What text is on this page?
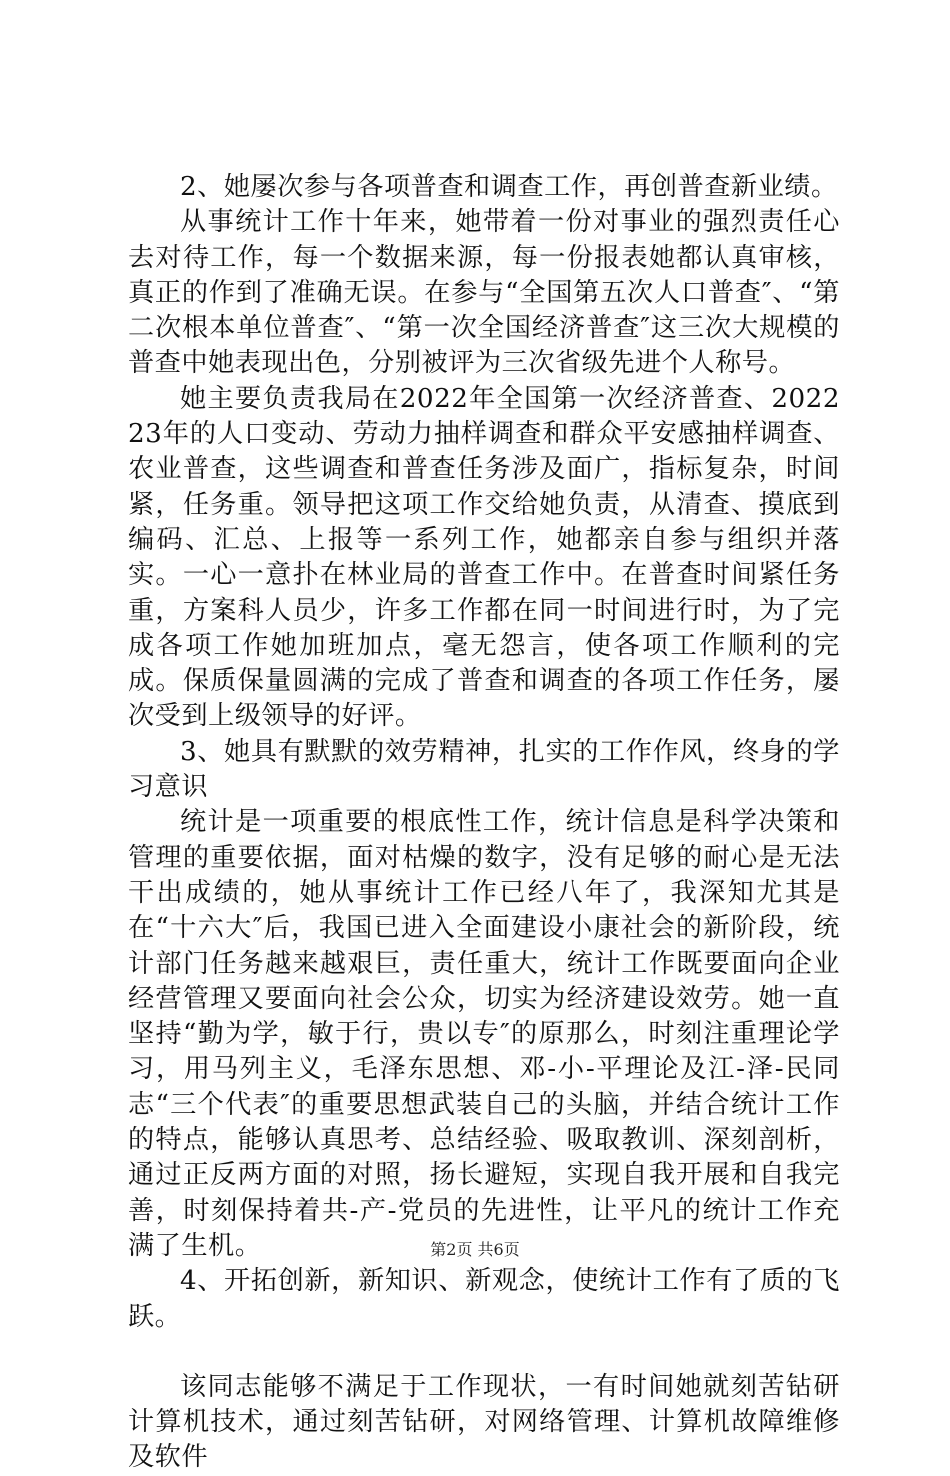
2、她屡次参与各项普查和调查工作，再创普查新业绩。

从事统计工作十年来，她带着一份对事业的强烈责任心去对待工作，每一个数据来源，每一份报表她都认真审核，真正的作到了准确无误。在参与“全国第五次人口普查″、“第二次根本单位普查″、“第一次全国经济普查″这三次大规模的普查中她表现出色，分别被评为三次省级先进个人称号。

她主要负责我局在2022年全国第一次经济普查、202223年的人口变动、劳动力抽样调查和群众平安感抽样调查、农业普查，这些调查和普查任务涉及面广，指标复杂，时间紧，任务重。领导把这项工作交给她负责，从清查、摸底到编码、汇总、上报等一系列工作，她都亲自参与组织并落实。一心一意扑在林业局的普查工作中。在普查时间紧任务重，方案科人员少，许多工作都在同一时间进行时，为了完成各项工作她加班加点，毫无怨言，使各项工作顺利的完成。保质保量圆满的完成了普查和调查的各项工作任务，屡次受到上级领导的好评。

3、她具有默默的效劳精神，扎实的工作作风，终身的学习意识

统计是一项重要的根底性工作，统计信息是科学决策和管理的重要依据，面对枯燥的数字，没有足够的耐心是无法干出成绩的，她从事统计工作已经八年了，我深知尤其是在“十六大″后，我国已进入全面建设小康社会的新阶段，统计部门任务越来越艰巨，责任重大，统计工作既要面向企业经营管理又要面向社会公众，切实为经济建设效劳。她一直坚持“勤为学，敏于行，贵以专″的原那么，时刻注重理论学习，用马列主义，毛泽东思想、邓-小-平理论及江-泽-民同志“三个代表″的重要思想武装自己的头脑，并结合统计工作的特点，能够认真思考、总结经验、吸取教训、深刻剖析，通过正反两方面的对照，扬长避短，实现自我开展和自我完善，时刻保持着共-产-党员的先进性，让平凡的统计工作充满了生机。

4、开拓创新，新知识、新观念，使统计工作有了质的飞跃。

该同志能够不满足于工作现状，一有时间她就刻苦钻研计算机技术，通过刻苦钻研，对网络管理、计算机故障维修及软件

第2页 共6页
